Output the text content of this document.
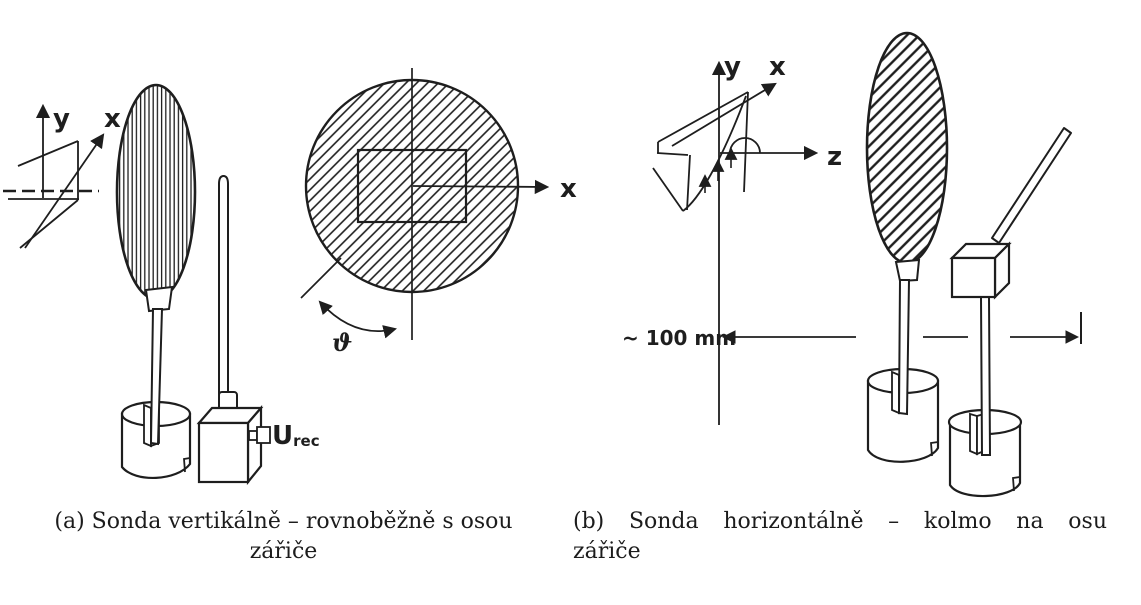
y x
Urec
x
ϑ
y x
z
~ 100 mm
(a) Sonda vertikálně – rovnoběžně s osou
zářiče
(b) Sonda horizontálně – kolmo na osu
zářiče
